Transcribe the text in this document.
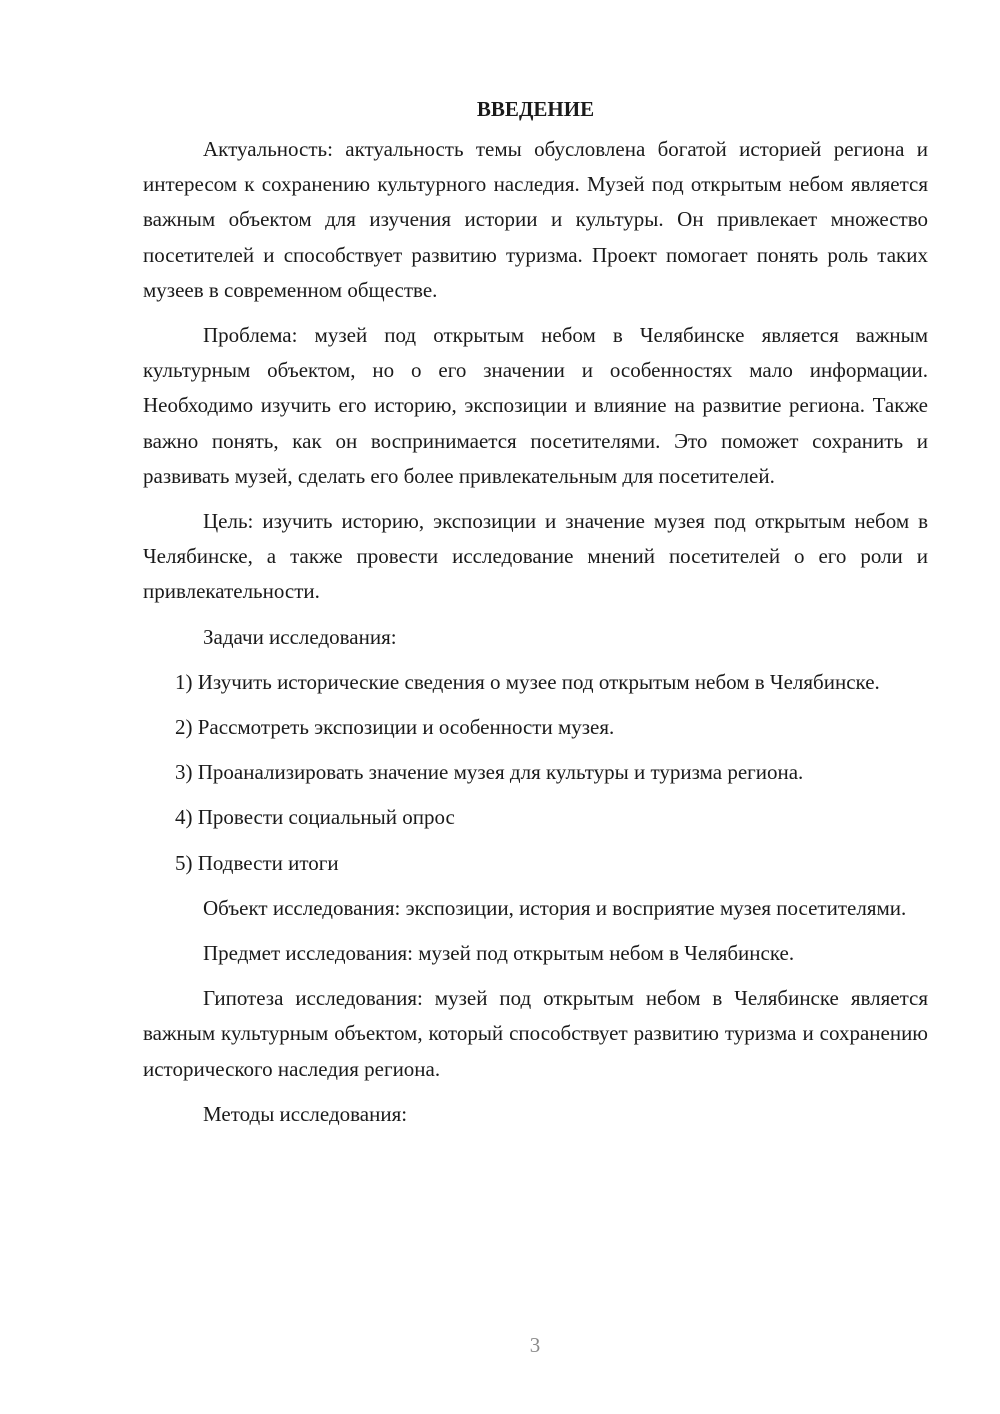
ВВЕДЕНИЕ

Актуальность: актуальность темы обусловлена богатой историей региона и интересом к сохранению культурного наследия. Музей под открытым небом является важным объектом для изучения истории и культуры. Он привлекает множество посетителей и способствует развитию туризма. Проект помогает понять роль таких музеев в современном обществе.

Проблема: музей под открытым небом в Челябинске является важным культурным объектом, но о его значении и особенностях мало информации. Необходимо изучить его историю, экспозиции и влияние на развитие региона. Также важно понять, как он воспринимается посетителями. Это поможет сохранить и развивать музей, сделать его более привлекательным для посетителей.

Цель: изучить историю, экспозиции и значение музея под открытым небом в Челябинске, а также провести исследование мнений посетителей о его роли и привлекательности.

Задачи исследования:

1) Изучить исторические сведения о музее под открытым небом в Челябинске.

2) Рассмотреть экспозиции и особенности музея.

3) Проанализировать значение музея для культуры и туризма региона.

4) Провести социальный опрос

5) Подвести итоги

Объект исследования: экспозиции, история и восприятие музея посетителями.

Предмет исследования: музей под открытым небом в Челябинске.

Гипотеза исследования: музей под открытым небом в Челябинске является важным культурным объектом, который способствует развитию туризма и сохранению исторического наследия региона.

Методы исследования:

3
